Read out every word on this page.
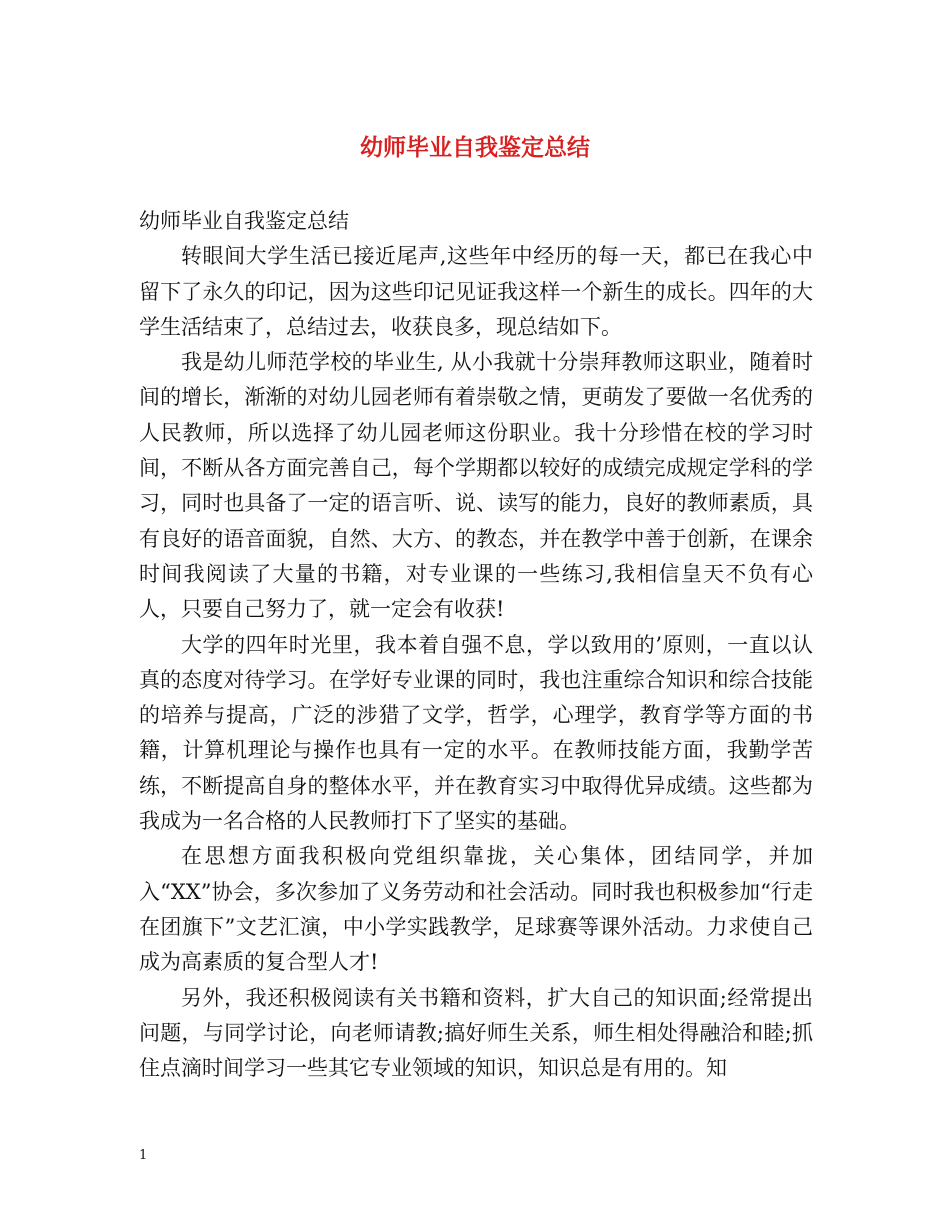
幼师毕业自我鉴定总结

幼师毕业自我鉴定总结

转眼间大学生活已接近尾声,这些年中经历的每一天，都已在我心中留下了永久的印记，因为这些印记见证我这样一个新生的成长。四年的大学生活结束了，总结过去，收获良多，现总结如下。

我是幼儿师范学校的毕业生, 从小我就十分崇拜教师这职业，随着时间的增长，渐渐的对幼儿园老师有着崇敬之情，更萌发了要做一名优秀的人民教师，所以选择了幼儿园老师这份职业。我十分珍惜在校的学习时间，不断从各方面完善自己，每个学期都以较好的成绩完成规定学科的学习，同时也具备了一定的语言听、说、读写的能力，良好的教师素质，具有良好的语音面貌，自然、大方、的教态，并在教学中善于创新，在课余时间我阅读了大量的书籍，对专业课的一些练习,我相信皇天不负有心人，只要自己努力了，就一定会有收获!

大学的四年时光里，我本着自强不息，学以致用的’原则，一直以认真的态度对待学习。在学好专业课的同时，我也注重综合知识和综合技能的培养与提高，广泛的涉猎了文学，哲学，心理学，教育学等方面的书籍，计算机理论与操作也具有一定的水平。在教师技能方面，我勤学苦练，不断提高自身的整体水平，并在教育实习中取得优异成绩。这些都为我成为一名合格的人民教师打下了坚实的基础。

在思想方面我积极向党组织靠拢，关心集体，团结同学，并加入“XX”协会，多次参加了义务劳动和社会活动。同时我也积极参加“行走在团旗下”文艺汇演，中小学实践教学，足球赛等课外活动。力求使自己成为高素质的复合型人才!

另外，我还积极阅读有关书籍和资料，扩大自己的知识面;经常提出问题，与同学讨论，向老师请教;搞好师生关系，师生相处得融洽和睦;抓住点滴时间学习一些其它专业领域的知识，知识总是有用的。知

1
